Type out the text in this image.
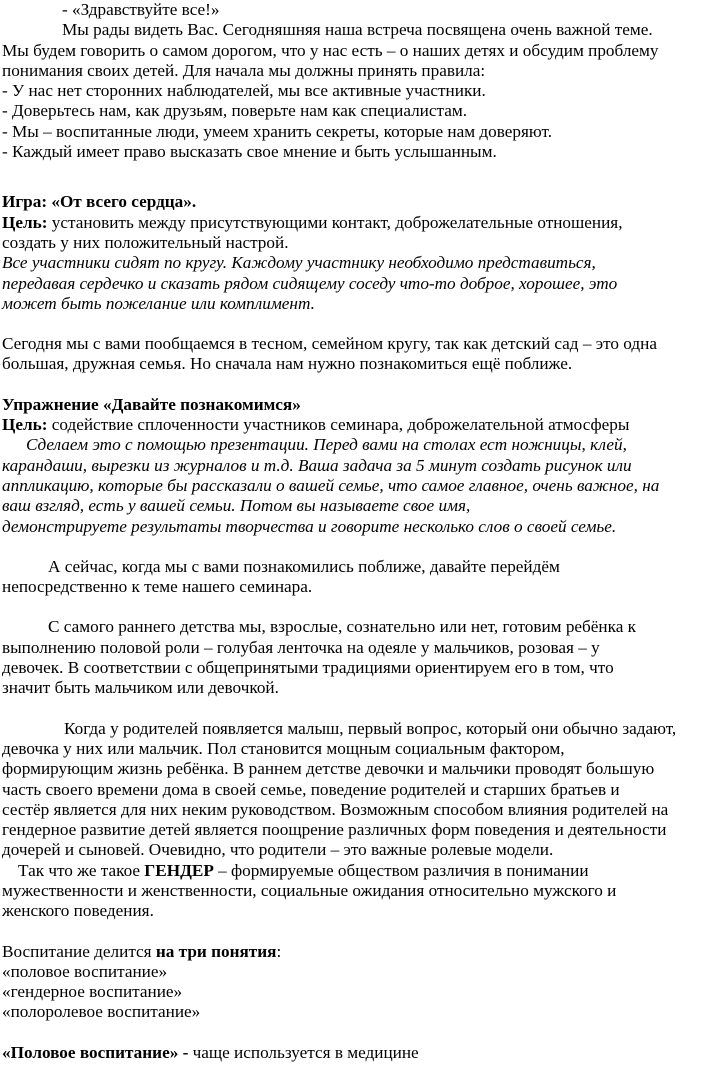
- «Здравствуйте все!»
Мы рады видеть Вас. Сегодняшняя наша встреча посвящена очень важной теме.
Мы будем говорить о самом дорогом, что у нас есть – о наших детях и обсудим проблему
понимания своих детей. Для начала мы должны принять правила:
- У нас нет сторонних наблюдателей, мы все активные участники.
- Доверьтесь нам, как друзьям, поверьте нам как специалистам.
- Мы – воспитанные люди, умеем хранить секреты, которые нам доверяют.
- Каждый имеет право высказать свое мнение и быть услышанным.
Игра: «От всего сердца».
Цель: установить между присутствующими контакт, доброжелательные отношения,
создать у них положительный настрой.
Все участники сидят по кругу. Каждому участнику необходимо представиться,
передавая сердечко и сказать рядом сидящему соседу что-то доброе, хорошее, это
может быть пожелание или комплимент.
Сегодня мы с вами пообщаемся в тесном, семейном кругу, так как детский сад – это одна
большая, дружная семья. Но сначала нам нужно познакомиться ещё поближе.
Упражнение «Давайте познакомимся»
Цель: содействие сплоченности участников семинара, доброжелательной атмосферы
Сделаем это с помощью презентации. Перед вами на столах ест ножницы, клей,
карандаши, вырезки из журналов и т.д. Ваша задача за 5 минут создать рисунок или
аппликацию, которые бы рассказали о вашей семье, что самое главное, очень важное, на
ваш взгляд, есть у вашей семьи. Потом вы называете свое имя,
демонстрируете результаты творчества и говорите несколько слов о своей семье.
А сейчас, когда мы с вами познакомились поближе, давайте перейдём
непосредственно к теме нашего семинара.
С самого раннего детства мы, взрослые, сознательно или нет, готовим ребёнка к
выполнению половой роли – голубая ленточка на одеяле у мальчиков, розовая – у
девочек. В соответствии с общепринятыми традициями ориентируем его в том, что
значит быть мальчиком или девочкой.
Когда у родителей появляется малыш, первый вопрос, который они обычно задают,
девочка у них или мальчик. Пол становится мощным социальным фактором,
формирующим жизнь ребёнка. В раннем детстве девочки и мальчики проводят большую
часть своего времени дома в своей семье, поведение родителей и старших братьев и
сестёр является для них неким руководством. Возможным способом влияния родителей на
гендерное развитие детей является поощрение различных форм поведения и деятельности
дочерей и сыновей. Очевидно, что родители – это важные ролевые модели.
Так что же такое ГЕНДЕР – формируемые обществом различия в понимании
мужественности и женственности, социальные ожидания относительно мужского и
женского поведения.
Воспитание делится на три понятия:
«половое воспитание»
«гендерное воспитание»
«полоролевое воспитание»
«Половое воспитание» - чаще используется в медицине
